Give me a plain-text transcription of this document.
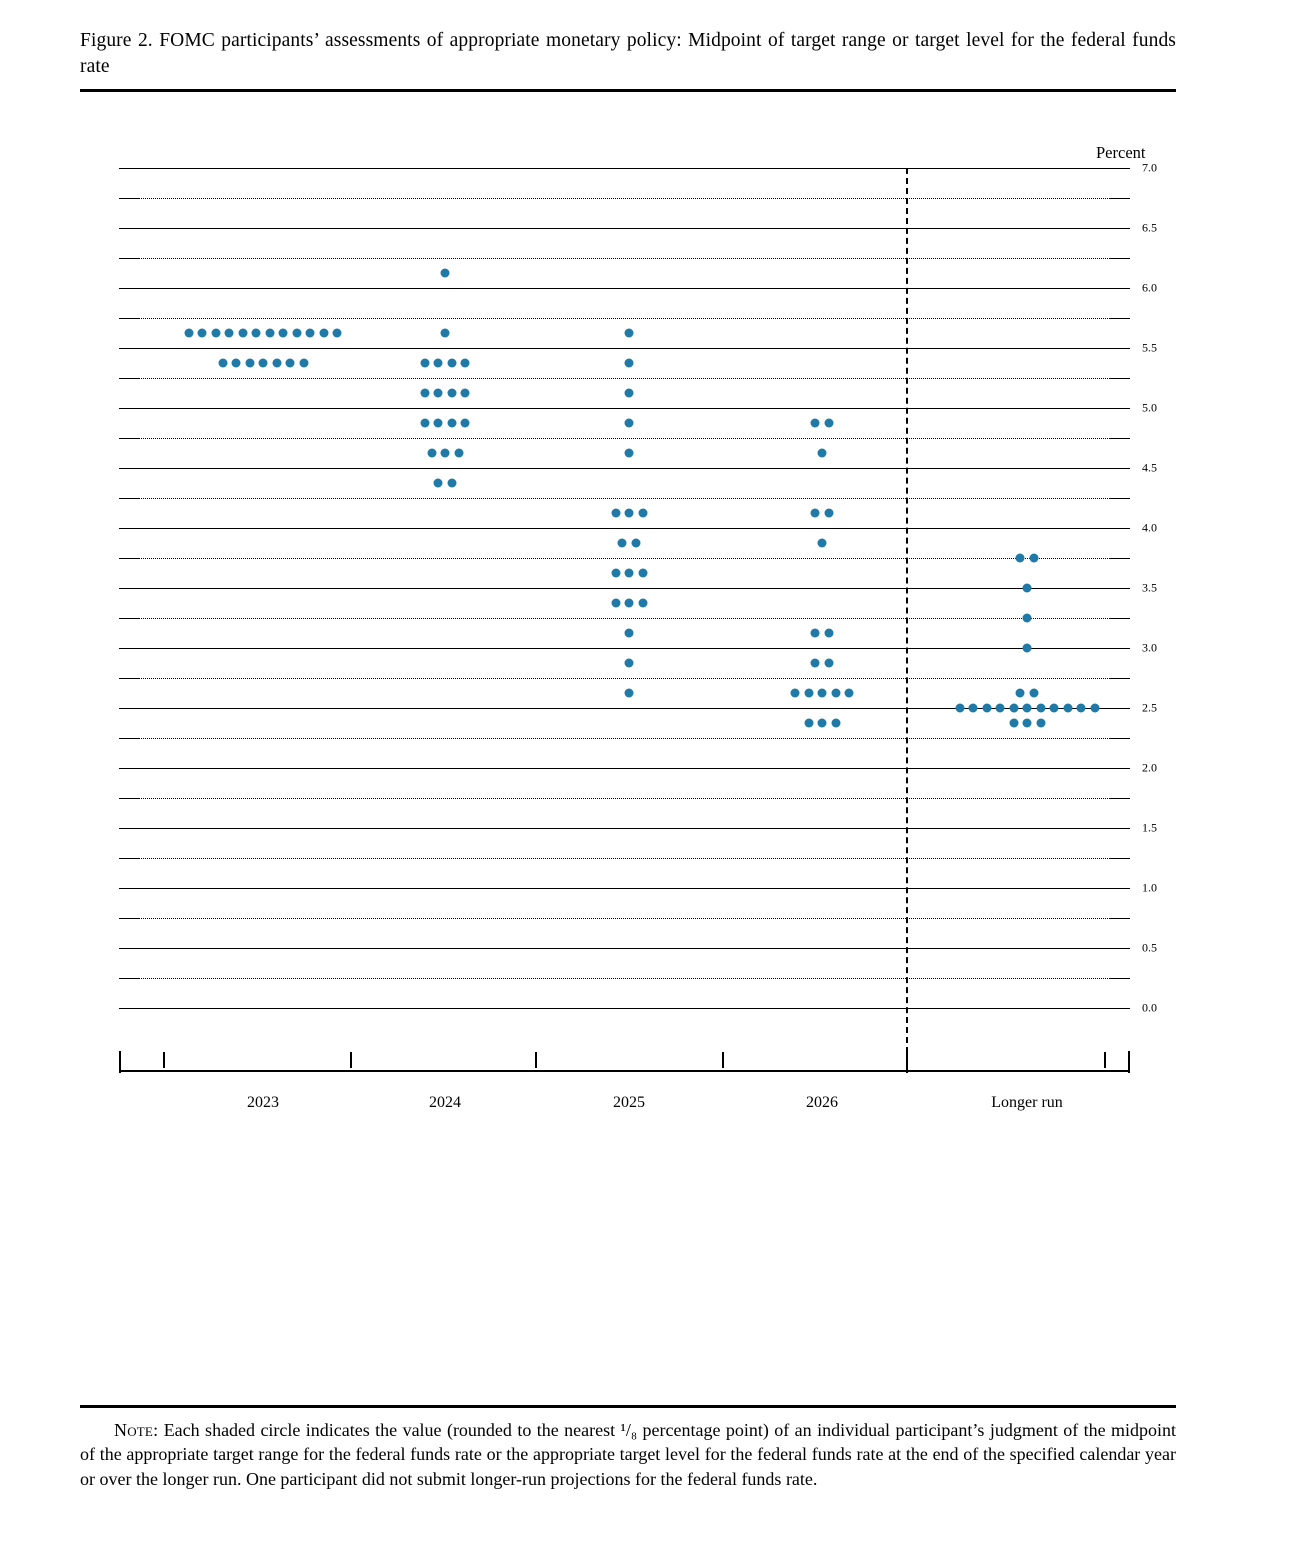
Figure 2. FOMC participants’ assessments of appropriate monetary policy: Midpoint of target range or target level for the federal funds rate
Percent
0.0
0.5
1.0
1.5
2.0
2.5
3.0
3.5
4.0
4.5
5.0
5.5
6.0
6.5
7.0
2023	2024	2025	2026	Longer run
Note: Each shaded circle indicates the value (rounded to the nearest ¹/₈ percentage point) of an individual participant’s judgment of the midpoint of the appropriate target range for the federal funds rate or the appropriate target level for the federal funds rate at the end of the specified calendar year or over the longer run. One participant did not submit longer-run projections for the federal funds rate.
